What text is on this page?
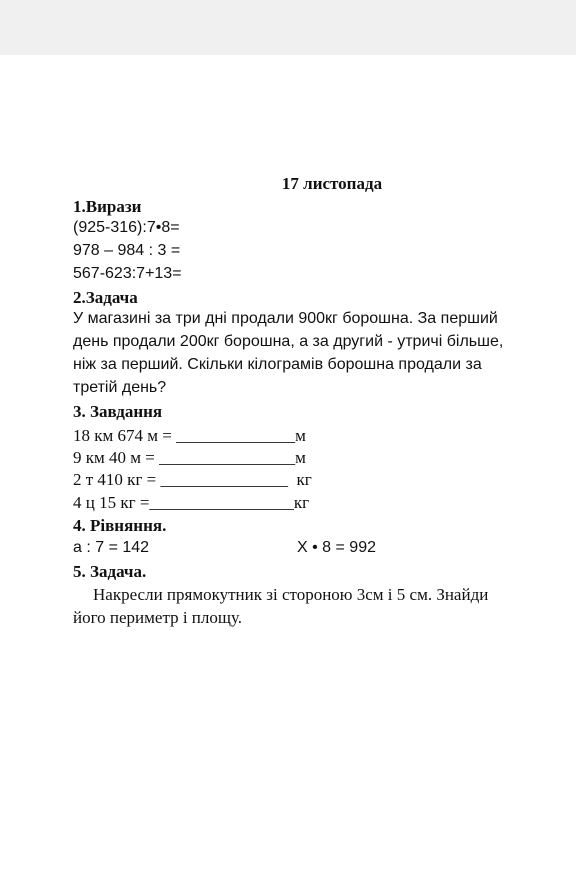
17 листопада
1.Вирази
(925-316):7•8=
978 – 984 : 3 =
567-623:7+13=
2.Задача
У магазині за три дні продали 900кг борошна. За перший
день продали 200кг борошна, а за другий - утричі більше,
ніж за перший. Скільки кілограмів борошна продали за
третій день?
3. Завдання
18 км 674 м = ______________м
9 км 40 м = ________________м
2 т 410 кг = _______________  кг
4 ц 15 кг =_________________кг
4. Рівняння.
а : 7 = 142	Х • 8 = 992
5. Задача.
Накресли прямокутник зі стороною 3см і 5 см. Знайди
його периметр і площу.
